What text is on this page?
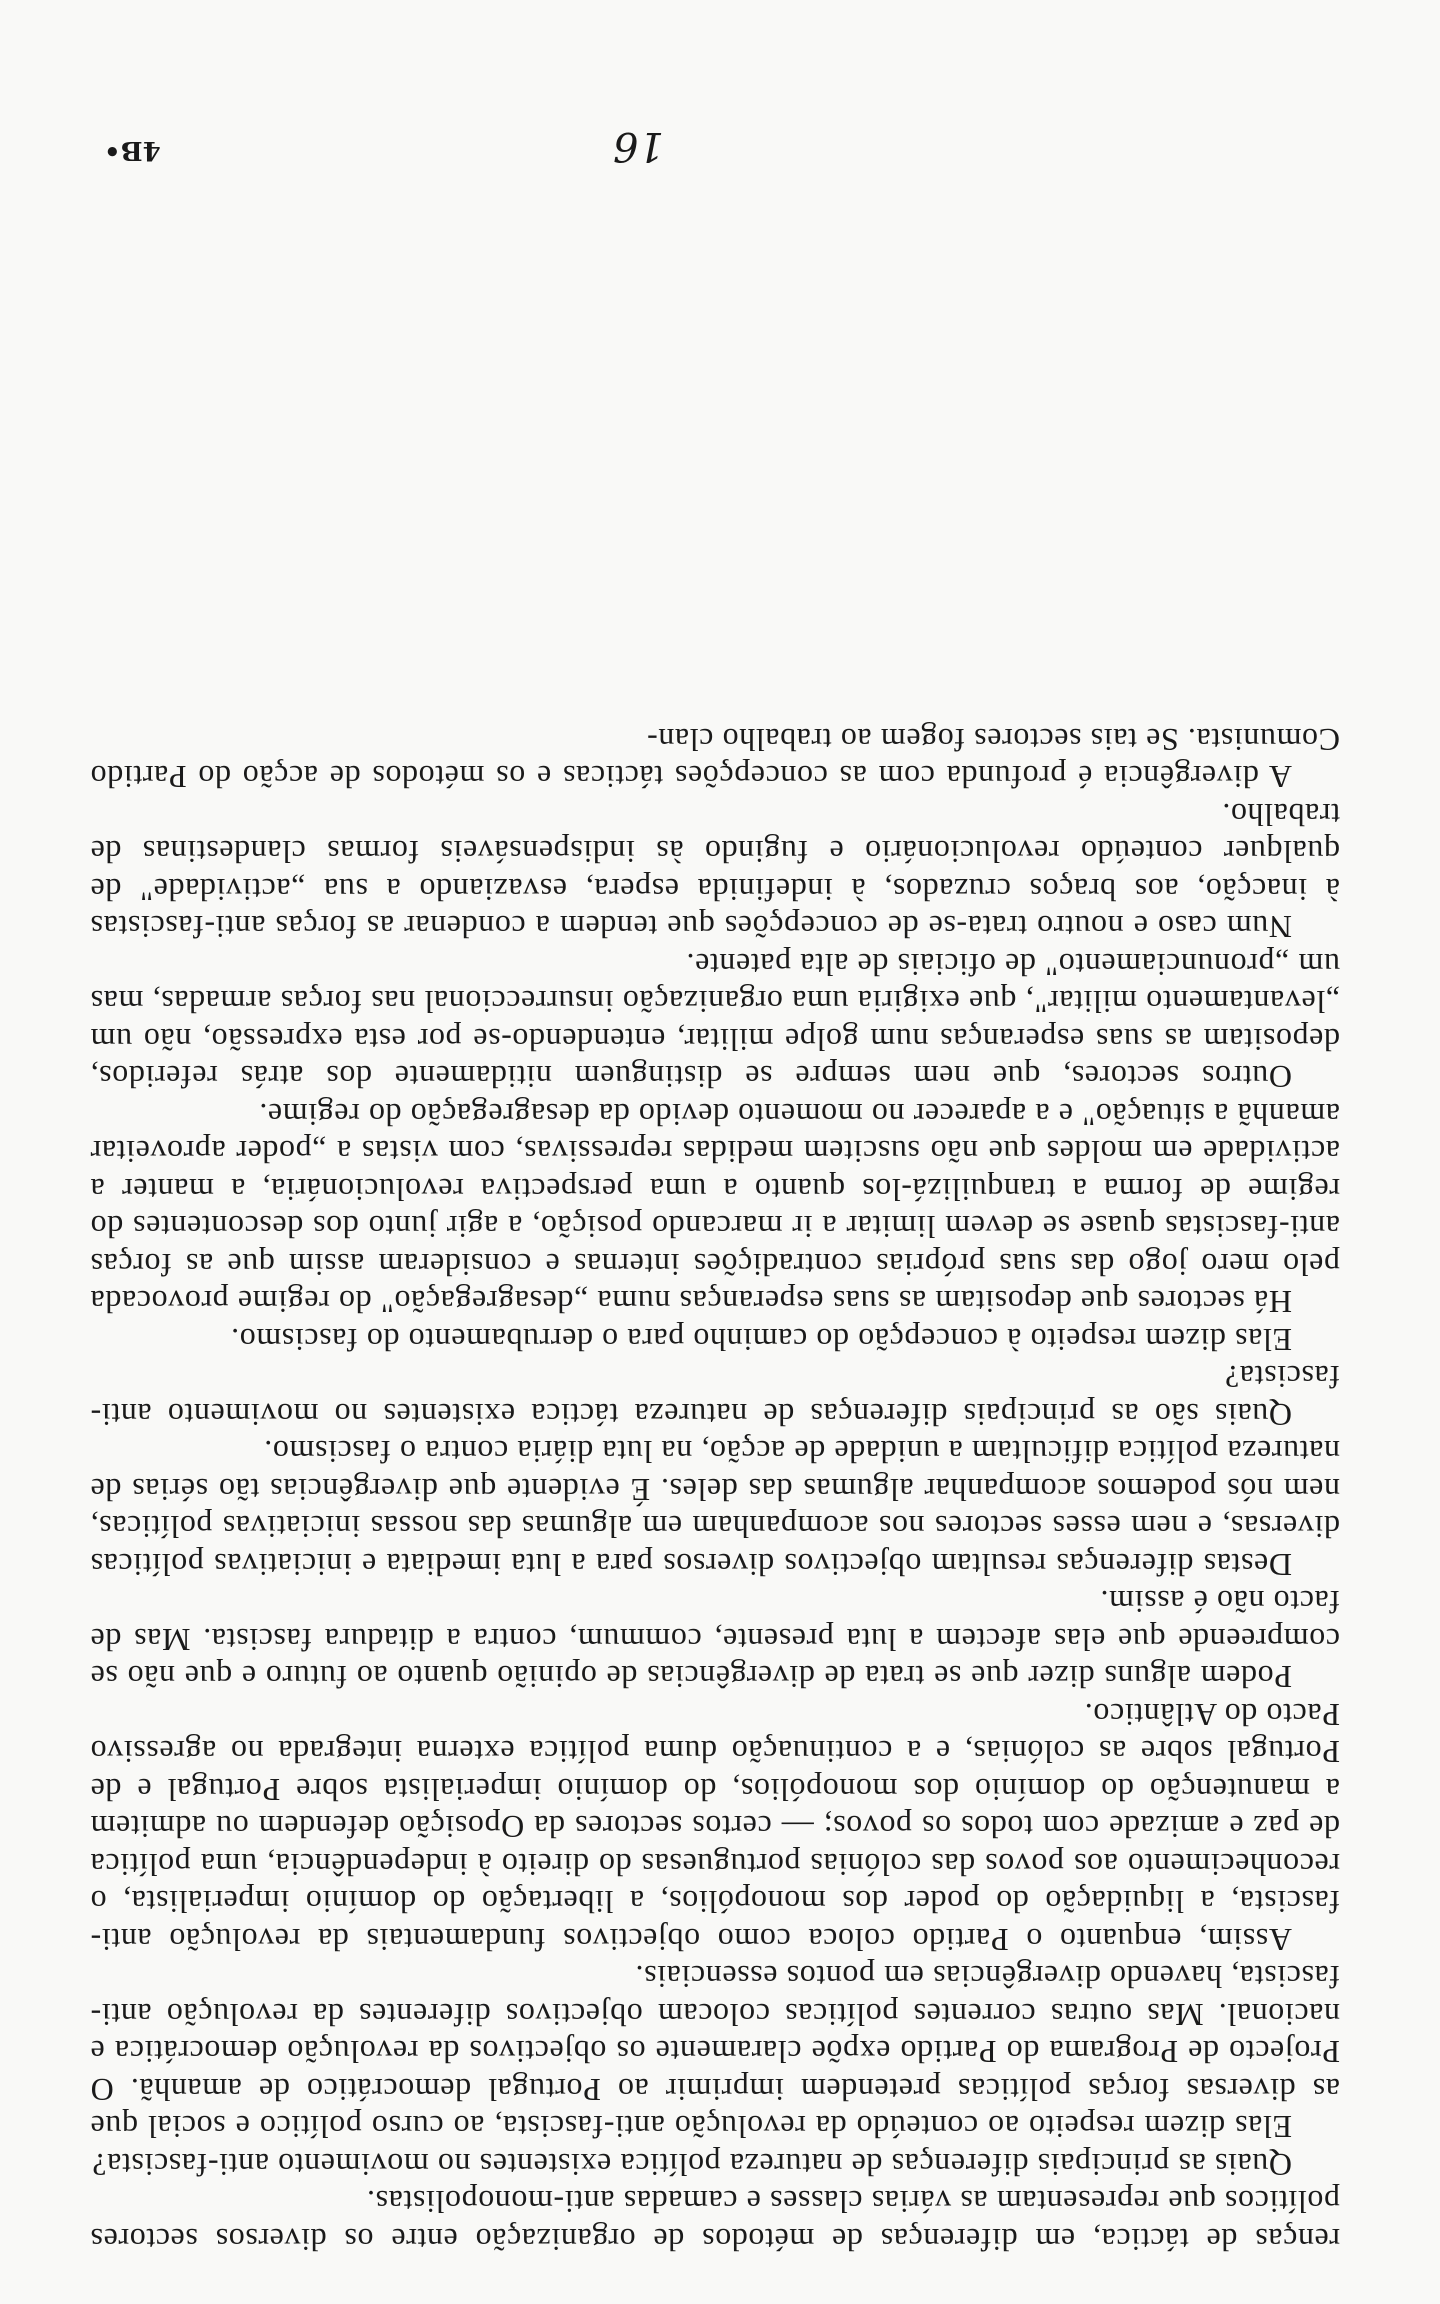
16
4B•

renças de táctica, em diferenças de métodos de organização entre os diversos sectores políticos que representam as várias classes e camadas anti-monopolistas.

Quais as principais diferenças de natureza política existentes no movimento anti-fascista?

Elas dizem respeito ao conteúdo da revolução anti-fascista, ao curso político e social que as diversas forças políticas pretendem imprimir ao Portugal democrático de amanhã. O Projecto de Programa do Partido expõe claramente os objectivos da revolução democrática e nacional. Mas outras correntes políticas colocam objectivos diferentes da revolução anti-fascista, havendo divergências em pontos essenciais.

Assim, enquanto o Partido coloca como objectivos fundamentais da revolução anti-fascista, a liquidação do poder dos monopólios, a libertação do domínio imperialista, o reconhecimento aos povos das colónias portuguesas do direito à independência, uma política de paz e amizade com todos os povos; — certos sectores da Oposição defendem ou admitem a manutenção do domínio dos monopólios, do domínio imperialista sobre Portugal e de Portugal sobre as colónias, e a continuação duma política externa integrada no agressivo Pacto do Atlântico.

Podem alguns dizer que se trata de divergências de opinião quanto ao futuro e que não se compreende que elas afectem a luta presente, commum, contra a ditadura fascista. Mas de facto não é assim.

Destas diferenças resultam objectivos diversos para a luta imediata e iniciativas políticas diversas, e nem esses sectores nos acompanham em algumas das nossas iniciativas políticas, nem nós podemos acompanhar algumas das deles. É evidente que divergências tão sérias de natureza política dificultam a unidade de acção, na luta diária contra o fascismo.

Quais são as principais diferenças de natureza táctica existentes no movimento anti-fascista?

Elas dizem respeito à concepção do caminho para o derrubamento do fascismo.

Há sectores que depositam as suas esperanças numa „desagregação" do regime provocada pelo mero jogo das suas próprias contradições internas e consideram assim que as forças anti-fascistas quase se devem limitar a ir marcando posição, a agir junto dos descontentes do regime de forma a tranquilizá-los quanto a uma perspectiva revolucionária, a manter a actividade em moldes que não suscitem medidas repressivas, com vistas a „poder aproveitar amanhã a situação" e a aparecer no momento devido da desagregação do regime.

Outros sectores, que nem sempre se distinguem nitidamente dos atrás referidos, depositam as suas esperanças num golpe militar, entendendo-se por esta expressão, não um „levantamento militar", que exigiria uma organização insurreccional nas forças armadas, mas um „pronunciamento" de oficiais de alta patente.

Num caso e noutro trata-se de concepções que tendem a condenar as forças anti-fascistas à inacção, aos braços cruzados, à indefinida espera, esvaziando a sua „actividade" de qualquer conteúdo revolucionário e fugindo às indispensáveis formas clandestinas de trabalho.

A divergência é profunda com as concepções tácticas e os métodos de acção do Partido Comunista. Se tais sectores fogem ao trabalho clan-
